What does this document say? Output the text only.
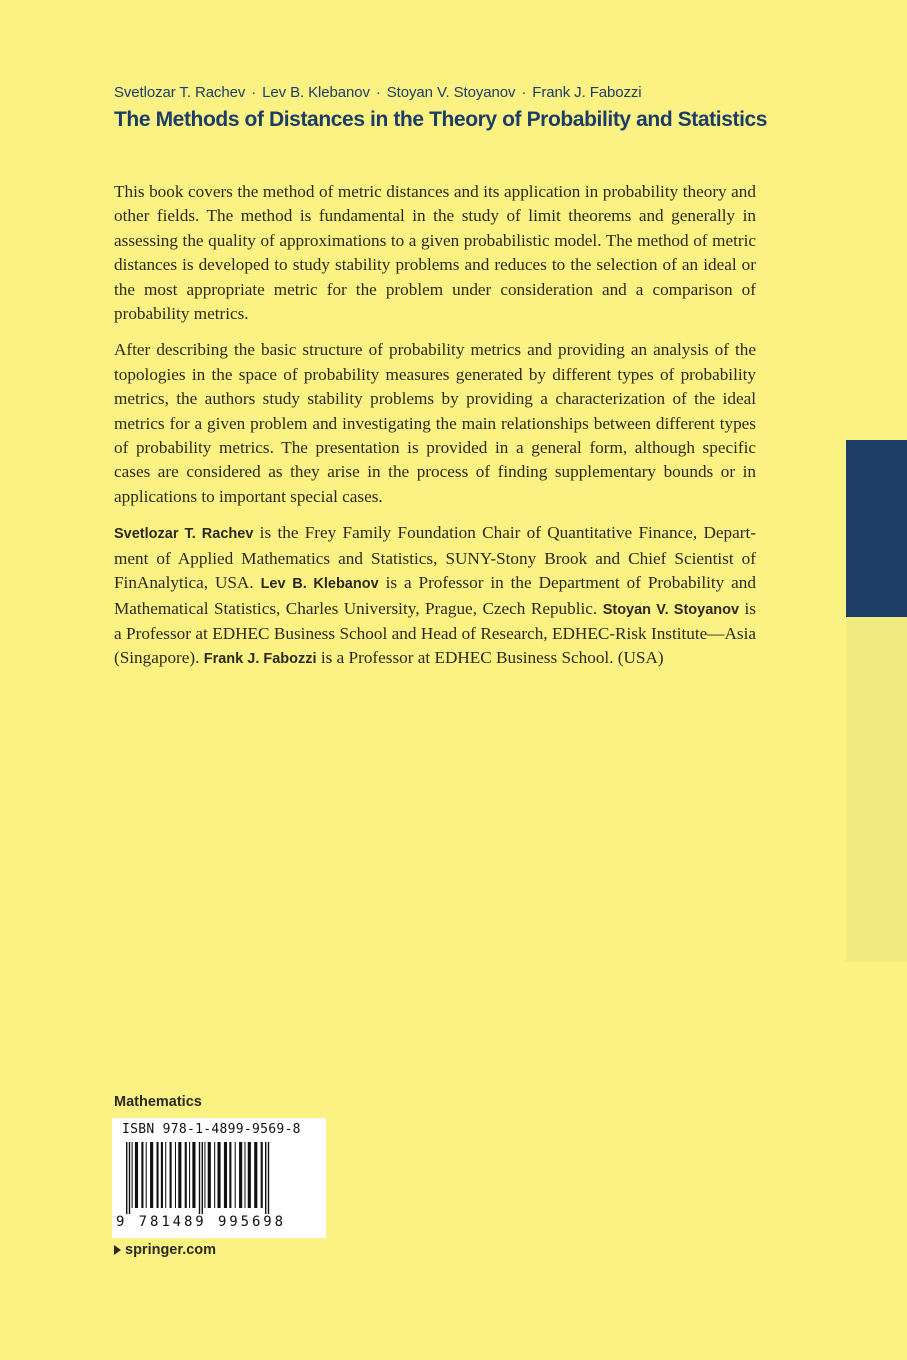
Svetlozar T. Rachev · Lev B. Klebanov · Stoyan V. Stoyanov · Frank J. Fabozzi
The Methods of Distances in the Theory of Probability and Statistics

This book covers the method of metric distances and its application in probability theory and other fields. The method is fundamental in the study of limit theorems and generally in assessing the quality of approximations to a given probabilistic model. The method of metric distances is developed to study stability problems and reduces to the selection of an ideal or the most appropriate metric for the problem under consideration and a comparison of probability metrics.

After describing the basic structure of probability metrics and providing an analysis of the topologies in the space of probability measures generated by different types of probability metrics, the authors study stability problems by providing a characterization of the ideal metrics for a given problem and investigating the main relationships between different types of probability metrics. The presentation is provided in a general form, although specific cases are considered as they arise in the process of finding supplementary bounds or in applications to important special cases.

Svetlozar T. Rachev is the Frey Family Foundation Chair of Quantitative Finance, Department of Applied Mathematics and Statistics, SUNY-Stony Brook and Chief Scientist of FinAnalytica, USA. Lev B. Klebanov is a Professor in the Department of Probability and Mathematical Statistics, Charles University, Prague, Czech Republic. Stoyan V. Stoyanov is a Professor at EDHEC Business School and Head of Research, EDHEC-Risk Institute—Asia (Singapore). Frank J. Fabozzi is a Professor at EDHEC Business School. (USA)

Mathematics
ISBN 978-1-4899-9569-8
9 781489 995698
springer.com
